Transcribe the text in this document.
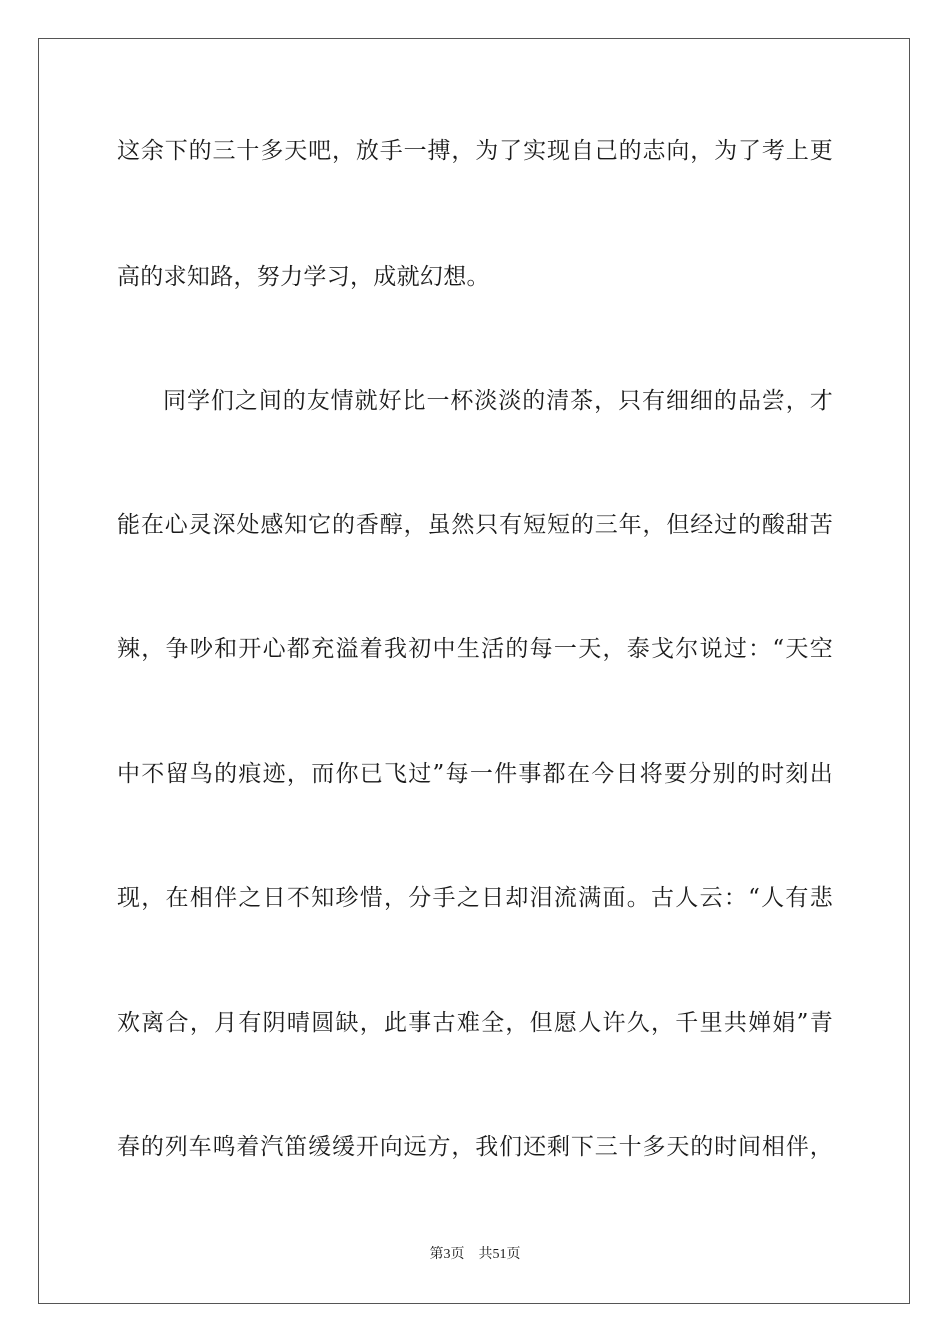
这余下的三十多天吧，放手一搏，为了实现自己的志向，为了考上更
高的求知路，努力学习，成就幻想。
同学们之间的友情就好比一杯淡淡的清茶，只有细细的品尝，才
能在心灵深处感知它的香醇，虽然只有短短的三年，但经过的酸甜苦
辣，争吵和开心都充溢着我初中生活的每一天，泰戈尔说过：“天空
中不留鸟的痕迹，而你已飞过”每一件事都在今日将要分别的时刻出
现，在相伴之日不知珍惜，分手之日却泪流满面。古人云：“人有悲
欢离合，月有阴晴圆缺，此事古难全，但愿人许久，千里共婵娟”青
春的列车鸣着汽笛缓缓开向远方，我们还剩下三十多天的时间相伴，
第3页 共51页
